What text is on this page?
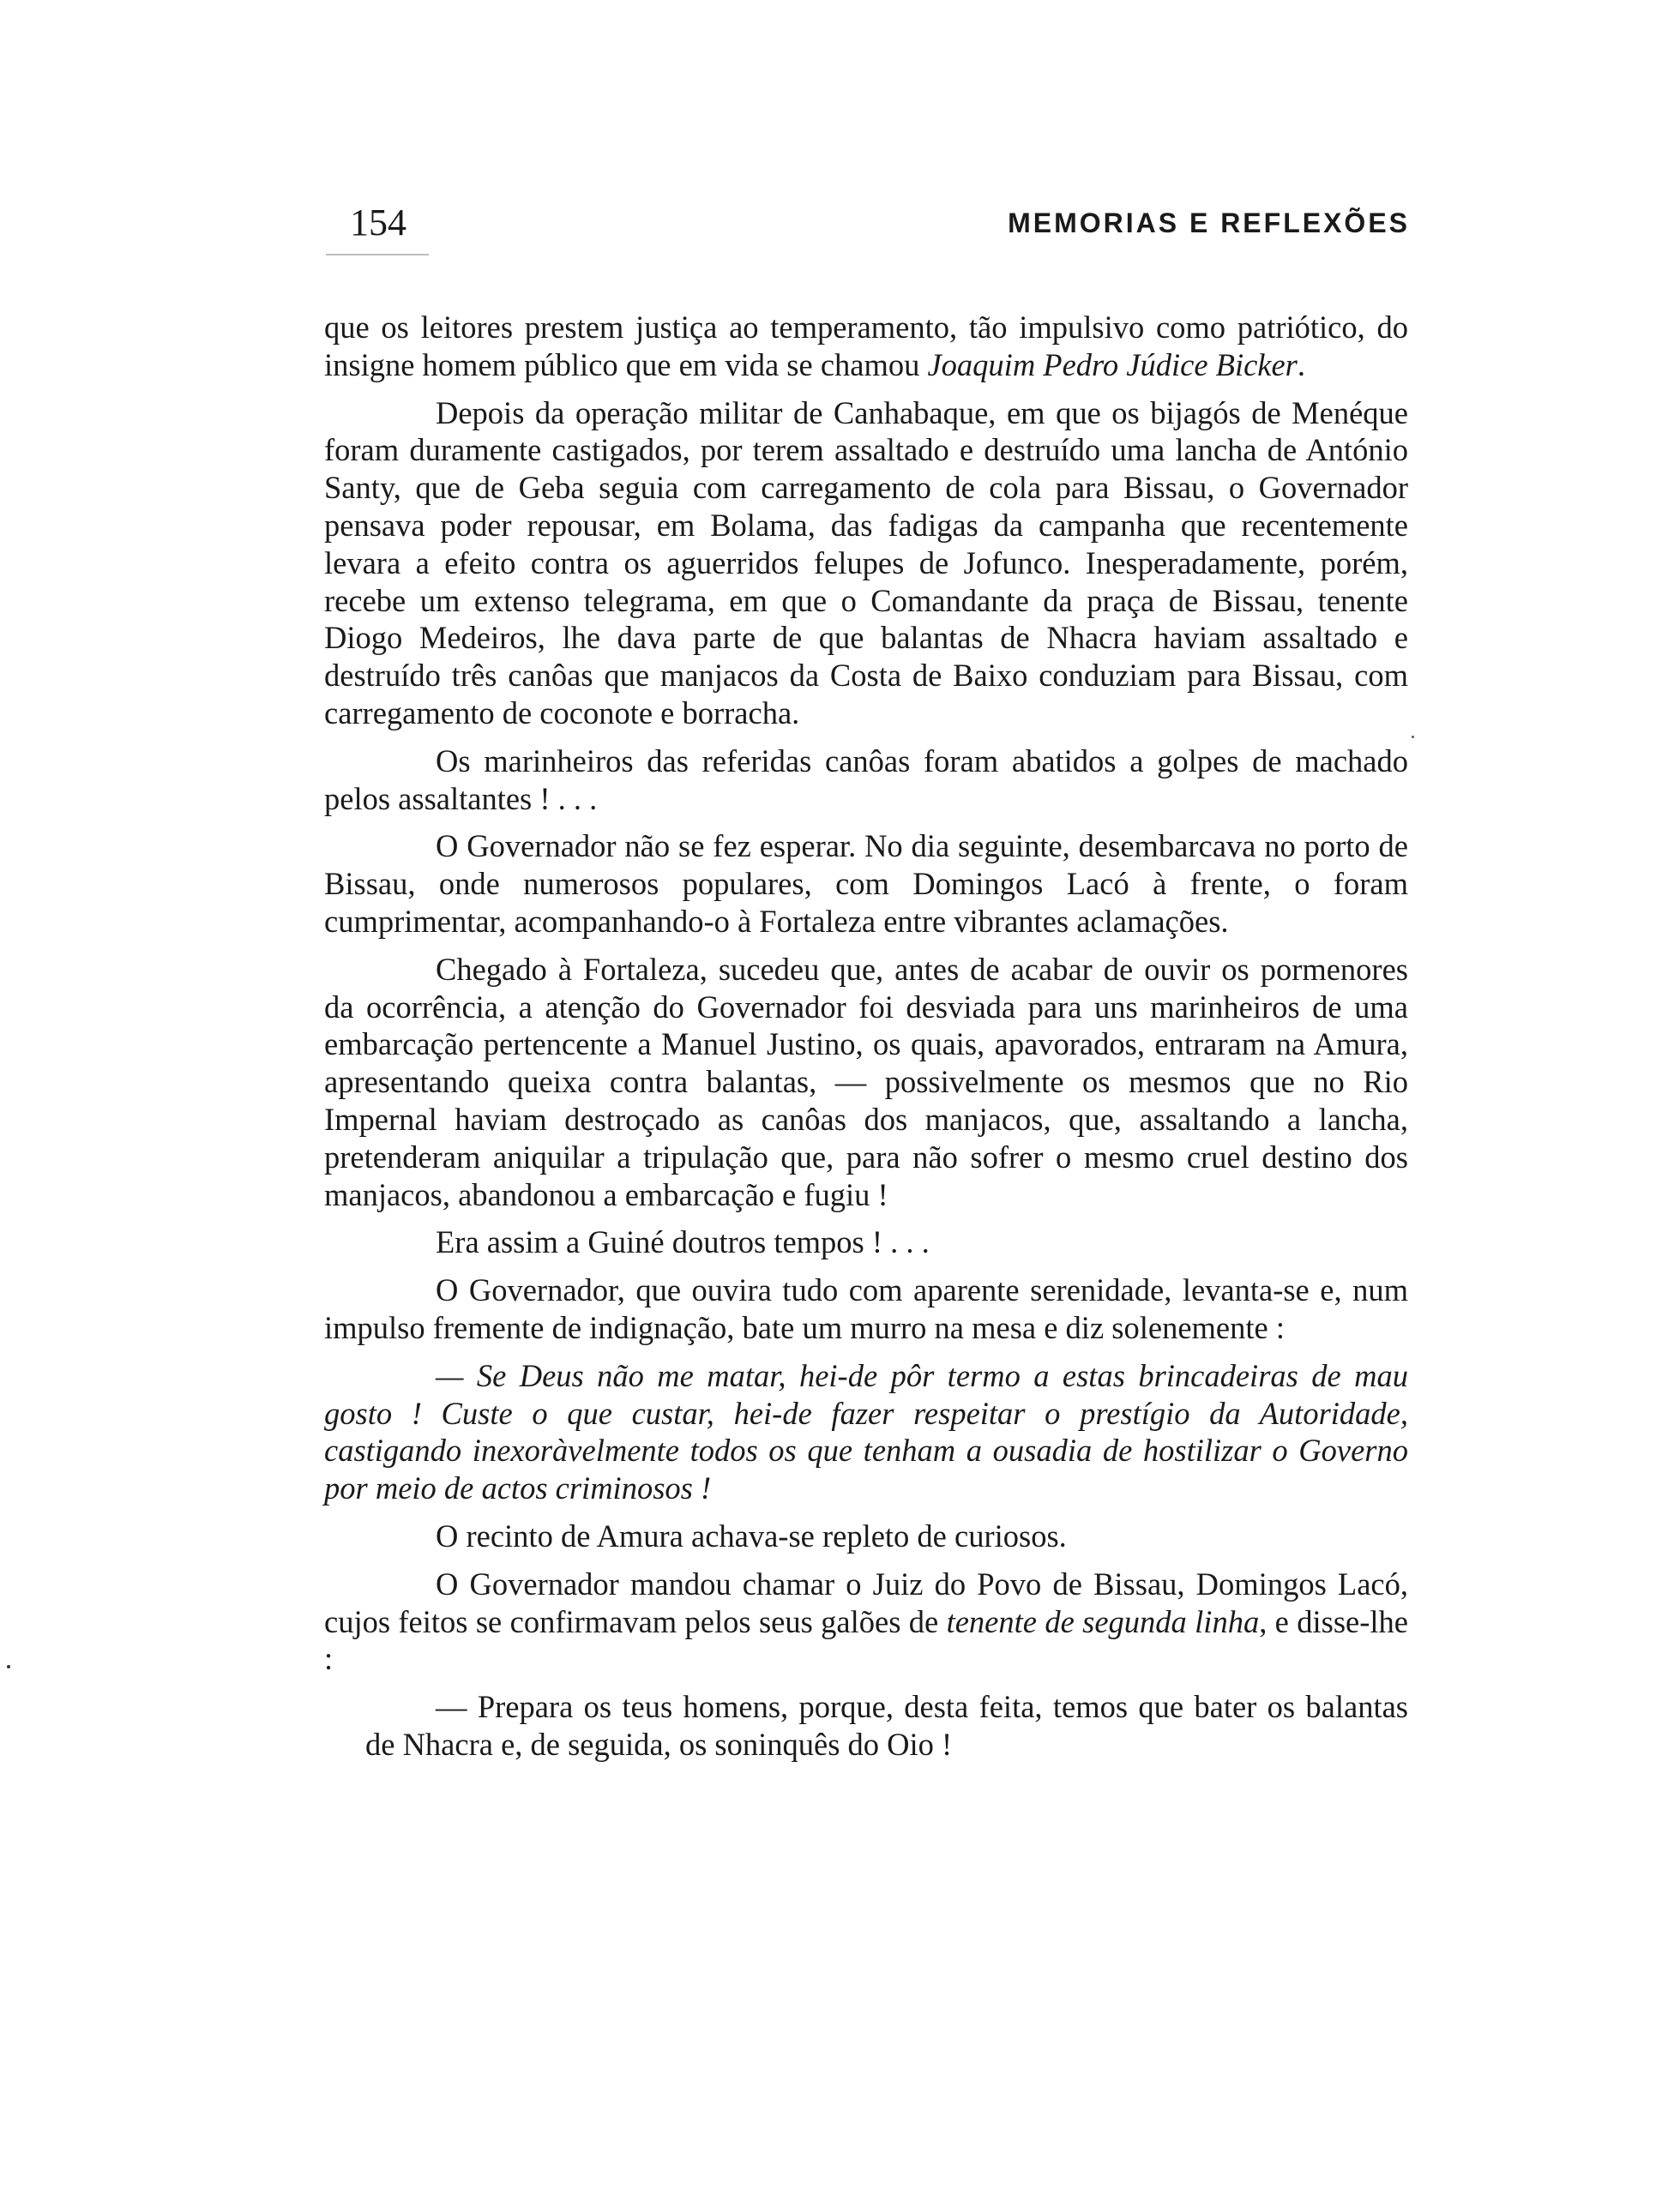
154	MEMORIAS E REFLEXÕES

que os leitores prestem justiça ao temperamento, tão impulsivo como patriótico, do insigne homem público que em vida se chamou Joaquim Pedro Júdice Bicker.

Depois da operação militar de Canhabaque, em que os bijagós de Menéque foram duramente castigados, por terem assaltado e destruído uma lancha de António Santy, que de Geba seguia com carregamento de cola para Bissau, o Governador pensava poder repousar, em Bolama, das fadigas da campanha que recentemente levara a efeito contra os aguerridos felupes de Jofunco. Inesperadamente, porém, recebe um extenso telegrama, em que o Comandante da praça de Bissau, tenente Diogo Medeiros, lhe dava parte de que balantas de Nhacra haviam assaltado e destruído três canôas que manjacos da Costa de Baixo conduziam para Bissau, com carregamento de coconote e borracha.

Os marinheiros das referidas canôas foram abatidos a golpes de machado pelos assaltantes ! . . .

O Governador não se fez esperar. No dia seguinte, desembarcava no porto de Bissau, onde numerosos populares, com Domingos Lacó à frente, o foram cumprimentar, acompanhando-o à Fortaleza entre vibrantes aclamações.

Chegado à Fortaleza, sucedeu que, antes de acabar de ouvir os pormenores da ocorrência, a atenção do Governador foi desviada para uns marinheiros de uma embarcação pertencente a Manuel Justino, os quais, apavorados, entraram na Amura, apresentando queixa contra balantas, — possivelmente os mesmos que no Rio Impernal haviam destroçado as canôas dos manjacos, que, assaltando a lancha, pretenderam aniquilar a tripulação que, para não sofrer o mesmo cruel destino dos manjacos, abandonou a embarcação e fugiu !

Era assim a Guiné doutros tempos ! . . .

O Governador, que ouvira tudo com aparente serenidade, levanta-se e, num impulso fremente de indignação, bate um murro na mesa e diz solenemente :

— Se Deus não me matar, hei-de pôr termo a estas brincadeiras de mau gosto ! Custe o que custar, hei-de fazer respeitar o prestígio da Autoridade, castigando inexoràvelmente todos os que tenham a ousadia de hostilizar o Governo por meio de actos criminosos !

O recinto de Amura achava-se repleto de curiosos.

O Governador mandou chamar o Juiz do Povo de Bissau, Domingos Lacó, cujos feitos se confirmavam pelos seus galões de tenente de segunda linha, e disse-lhe :

— Prepara os teus homens, porque, desta feita, temos que bater os balantas de Nhacra e, de seguida, os soninquês do Oio !
